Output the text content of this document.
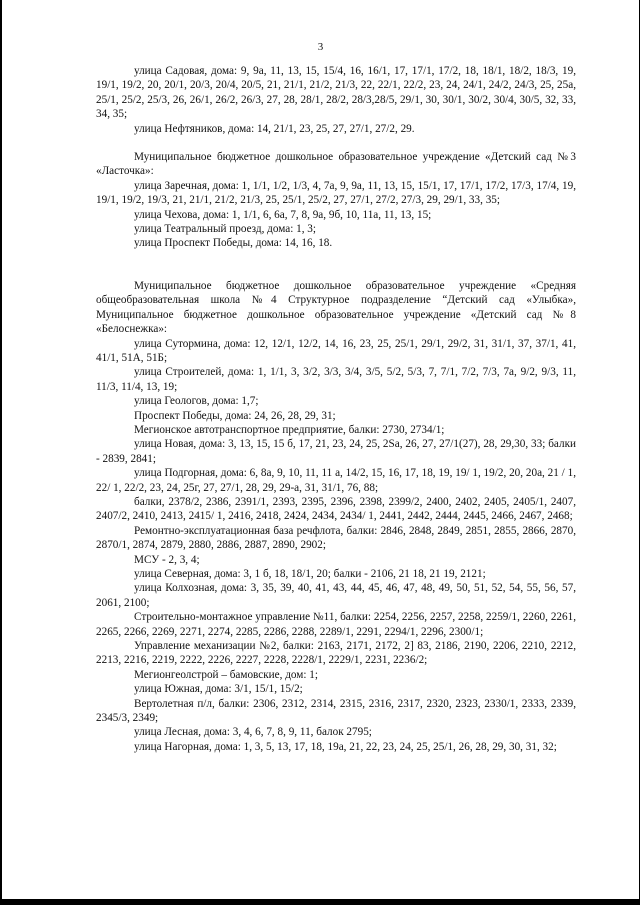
3

улица Садовая, дома: 9, 9а, 11, 13, 15, 15/4, 16, 16/1, 17, 17/1, 17/2, 18, 18/1, 18/2, 18/3, 19, 19/1, 19/2, 20, 20/1, 20/3, 20/4, 20/5, 21, 21/1, 21/2, 21/3, 22, 22/1, 22/2, 23, 24, 24/1, 24/2, 24/3, 25, 25а, 25/1, 25/2, 25/3, 26, 26/1, 26/2, 26/3, 27, 28, 28/1, 28/2, 28/3,28/5, 29/1, 30, 30/1, 30/2, 30/4, 30/5, 32, 33, 34, 35;

улица Нефтяников, дома: 14, 21/1, 23, 25, 27, 27/1, 27/2, 29.

Муниципальное бюджетное дошкольное образовательное учреждение «Детский сад №3 «Ласточка»:

улица Заречная, дома: 1, 1/1, 1/2, 1/3, 4, 7а, 9, 9а, 11, 13, 15, 15/1, 17, 17/1, 17/2, 17/3, 17/4, 19, 19/1, 19/2, 19/3, 21, 21/1, 21/2, 21/3, 25, 25/1, 25/2, 27, 27/1, 27/2, 27/3, 29, 29/1, 33, 35;

улица Чехова, дома: 1, 1/1, 6, 6а, 7, 8, 9а, 9б, 10, 11а, 11, 13, 15;

улица Театральный проезд, дома: 1, 3;

улица Проспект Победы, дома: 14, 16, 18.

Муниципальное бюджетное дошкольное образовательное учреждение «Средняя общеобразовательная школа №4 Структурное подразделение “Детский сад «Улыбка», Муниципальное бюджетное дошкольное образовательное учреждение «Детский сад №8 «Белоснежка»:

улица Сутормина, дома: 12, 12/1, 12/2, 14, 16, 23, 25, 25/1, 29/1, 29/2, 31, 31/1, 37, 37/1, 41, 41/1, 51А, 51Б;

улица Строителей, дома: 1, 1/1, 3, 3/2, 3/3, 3/4, 3/5, 5/2, 5/3, 7, 7/1, 7/2, 7/3, 7а, 9/2, 9/3, 11, 11/3, 11/4, 13, 19;

улица Геологов, дома: 1,7;

Проспект Победы, дома: 24, 26, 28, 29, 31;

Мегионское автотранспортное предприятие, балки: 2730, 2734/1;

улица Новая, дома: 3, 13, 15, 15 б, 17, 21, 23, 24, 25, 2Sа, 26, 27, 27/1(27), 28, 29,30, 33; балки - 2839, 2841;

улица Подгорная, дома: 6, 8а, 9, 10, 11, 11 а, 14/2, 15, 16, 17, 18, 19, 19/ 1, 19/2, 20, 20а, 21 / 1, 22/ 1, 22/2, 23, 24, 25г, 27, 27/1, 28, 29, 29-а, 31, 31/1, 76, 88;

балки, 2378/2, 2386, 2391/1, 2393, 2395, 2396, 2398, 2399/2, 2400, 2402, 2405, 2405/1, 2407, 2407/2, 2410, 2413, 2415/ 1, 2416, 2418, 2424, 2434, 2434/ 1, 2441, 2442, 2444, 2445, 2466, 2467, 2468;

Ремонтно-эксплуатационная база речфлота, балки: 2846, 2848, 2849, 2851, 2855, 2866, 2870, 2870/1, 2874, 2879, 2880, 2886, 2887, 2890, 2902;

МСУ - 2, 3, 4;

улица Северная, дома: 3, 1 б, 18, 18/1, 20; балки - 2106, 21 18, 21 19, 2121;

улица Колхозная, дома: 3, 35, 39, 40, 41, 43, 44, 45, 46, 47, 48, 49, 50, 51, 52, 54, 55, 56, 57, 2061, 2100;

Строительно-монтажное управление №11, балки: 2254, 2256, 2257, 2258, 2259/1, 2260, 2261, 2265, 2266, 2269, 2271, 2274, 2285, 2286, 2288, 2289/1, 2291, 2294/1, 2296, 2300/1;

Управление механизации №2, балки: 2163, 2171, 2172, 2] 83, 2186, 2190, 2206, 2210, 2212, 2213, 2216, 2219, 2222, 2226, 2227, 2228, 2228/1, 2229/1, 2231, 2236/2;

Мегионгеолстрой – бамовские, дом: 1;

улица Южная, дома: 3/1, 15/1, 15/2;

Вертолетная п/л, балки: 2306, 2312, 2314, 2315, 2316, 2317, 2320, 2323, 2330/1, 2333, 2339, 2345/3, 2349;

улица Лесная, дома: 3, 4, 6, 7, 8, 9, 11, балок 2795;

улица Нагорная, дома: 1, 3, 5, 13, 17, 18, 19а, 21, 22, 23, 24, 25, 25/1, 26, 28, 29, 30, 31, 32;
